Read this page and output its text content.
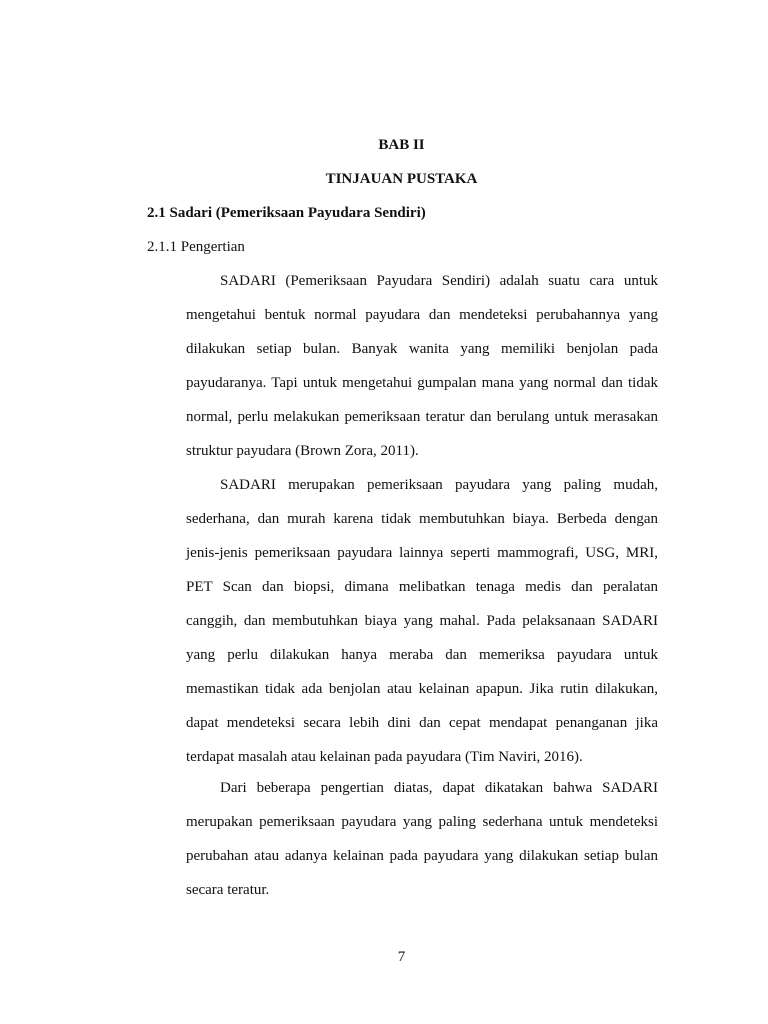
BAB II
TINJAUAN PUSTAKA
2.1 Sadari (Pemeriksaan Payudara Sendiri)
2.1.1 Pengertian
SADARI (Pemeriksaan Payudara Sendiri) adalah suatu cara untuk
mengetahui bentuk normal payudara dan mendeteksi perubahannya yang
dilakukan setiap bulan. Banyak wanita yang memiliki benjolan pada
payudaranya. Tapi untuk mengetahui gumpalan mana yang normal dan tidak
normal, perlu melakukan pemeriksaan teratur dan berulang untuk merasakan
struktur payudara (Brown Zora, 2011).
SADARI merupakan pemeriksaan payudara yang paling mudah,
sederhana, dan murah karena tidak membutuhkan biaya. Berbeda dengan
jenis-jenis pemeriksaan payudara lainnya seperti mammografi, USG, MRI,
PET Scan dan biopsi, dimana melibatkan tenaga medis dan peralatan
canggih, dan membutuhkan biaya yang mahal. Pada pelaksanaan SADARI
yang perlu dilakukan hanya meraba dan memeriksa payudara untuk
memastikan tidak ada benjolan atau kelainan apapun. Jika rutin dilakukan,
dapat mendeteksi secara lebih dini dan cepat mendapat penanganan jika
terdapat masalah atau kelainan pada payudara (Tim Naviri, 2016).
Dari beberapa pengertian diatas, dapat dikatakan bahwa SADARI
merupakan pemeriksaan payudara yang paling sederhana untuk mendeteksi
perubahan atau adanya kelainan pada payudara yang dilakukan setiap bulan
secara teratur.
7
